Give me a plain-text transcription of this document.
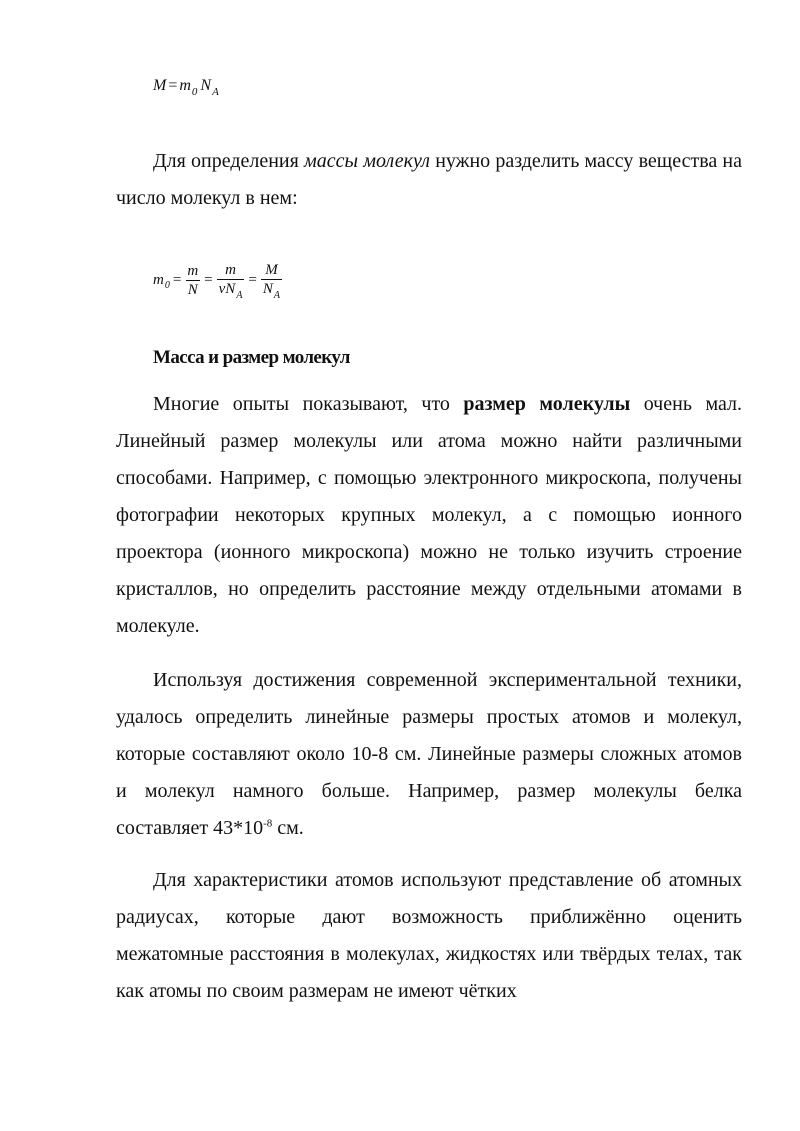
$M = m_0$ $N_A$

Для определения массы молекул нужно разделить массу вещества на число молекул в нем:

m $0 = \frac{m}{N} = \frac{m}{\nu N_A} = \frac{M}{N_A}$
Масса и размер молекул

Многие опыты показывают, что размер молекулы очень мал. Линейный размер молекулы или атома можно найти различными способами. Например, с помощью электронного микроскопа, получены фотографии некоторых крупных молекул, а с помощью ионного проектора (ионного микроскопа) можно не только изучить строение кристаллов, но определить расстояние между отдельными атомами в молекуле.

Используя достижения современной экспериментальной техники, удалось определить линейные размеры простых атомов и молекул, которые составляют около 10-8 см. Линейные размеры сложных атомов и молекул намного больше. Например, размер молекулы белка составляет $43*10^{-8}$ см.

Для характеристики атомов используют представление об атомных радиусах, которые дают возможность приближённо оценить межатомные расстояния в молекулах, жидкостях или твёрдых телах, так как атомы по своим размерам не имеют чётких
